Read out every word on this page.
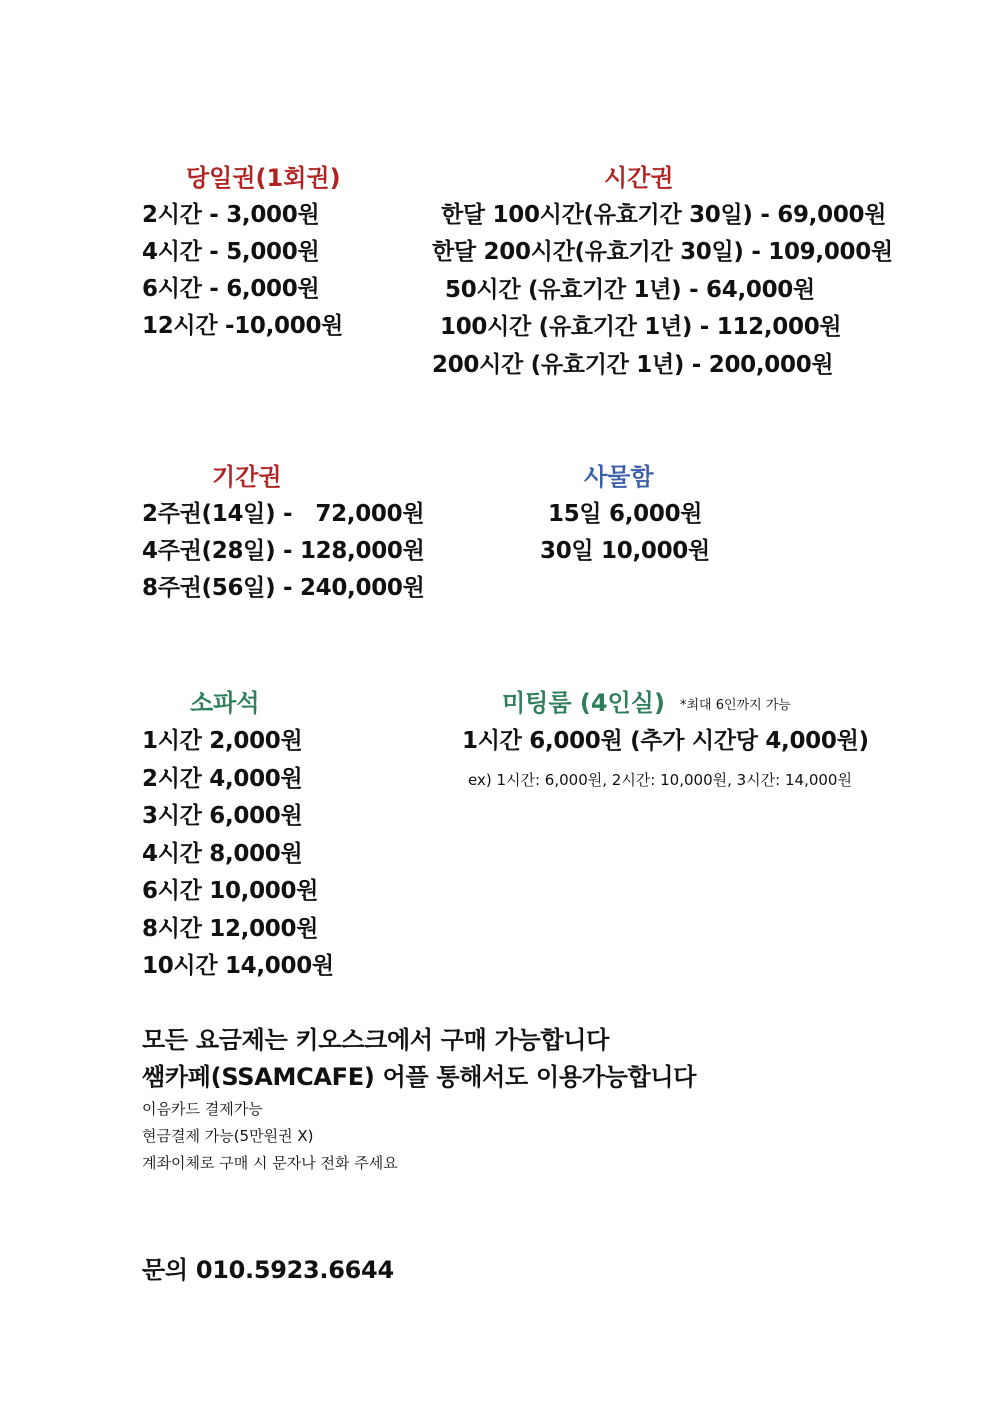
당일권(1회권)
2시간 - 3,000원
4시간 - 5,000원
6시간 - 6,000원
12시간 -10,000원
시간권
한달 100시간(유효기간 30일) - 69,000원
한달 200시간(유효기간 30일) - 109,000원
50시간 (유효기간 1년) - 64,000원
100시간 (유효기간 1년) - 112,000원
200시간 (유효기간 1년) - 200,000원
기간권
2주권(14일) -   72,000원
4주권(28일) - 128,000원
8주권(56일) - 240,000원
사물함
15일 6,000원
30일 10,000원
소파석
1시간 2,000원
2시간 4,000원
3시간 6,000원
4시간 8,000원
6시간 10,000원
8시간 12,000원
10시간 14,000원
미팅룸 (4인실) *최대 6인까지 가능
1시간 6,000원 (추가 시간당 4,000원)
ex) 1시간: 6,000원, 2시간: 10,000원, 3시간: 14,000원
모든 요금제는 키오스크에서 구매 가능합니다
쌤카페(SSAMCAFE) 어플 통해서도 이용가능합니다
이음카드 결제가능
현금결제 가능(5만원권 X)
계좌이체로 구매 시 문자나 전화 주세요
문의 010.5923.6644
